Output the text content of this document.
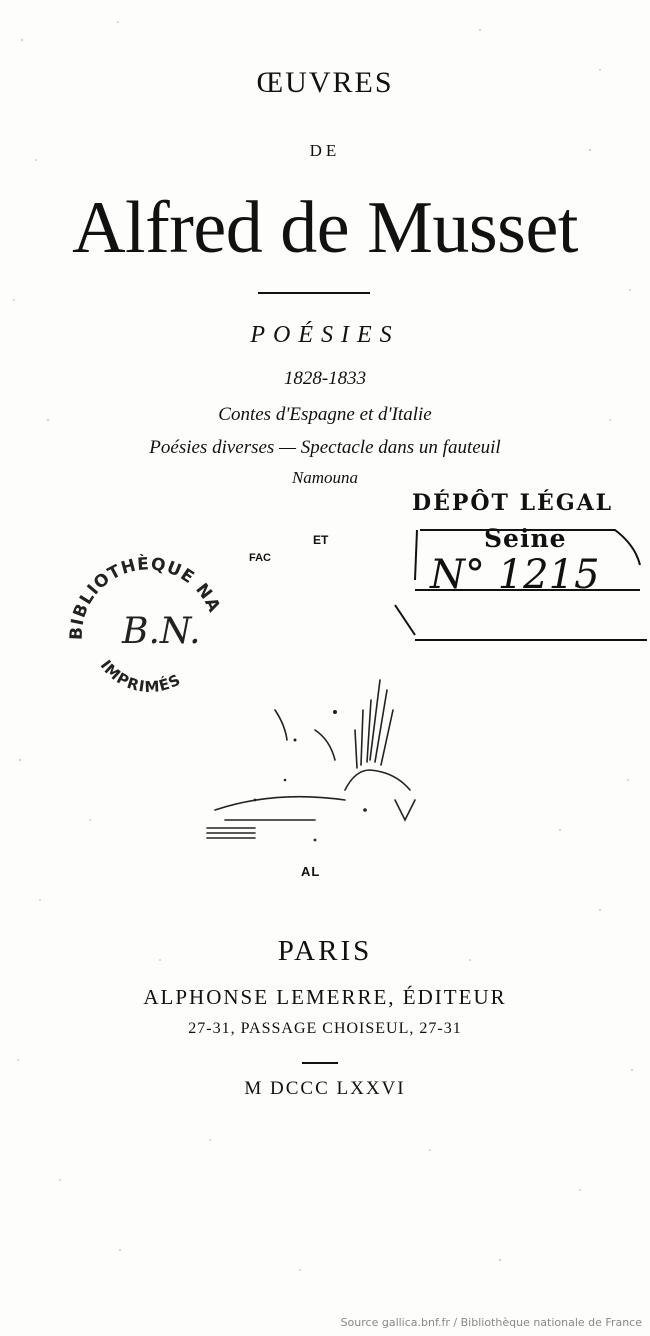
ŒUVRES
DE
Alfred de Musset
POÉSIES
1828-1833
Contes d'Espagne et d'Italie
Poésies diverses — Spectacle dans un fauteuil
Namouna
ET
FAC
AL
BIBLIOTHÈQUE NA
IMPRIMÉS
B.N.
DÉPÔT LÉGAL
Seine
N° 1215
PARIS
ALPHONSE LEMERRE, ÉDITEUR
27-31, PASSAGE CHOISEUL, 27-31
M DCCC LXXVI
Source gallica.bnf.fr / Bibliothèque nationale de France
